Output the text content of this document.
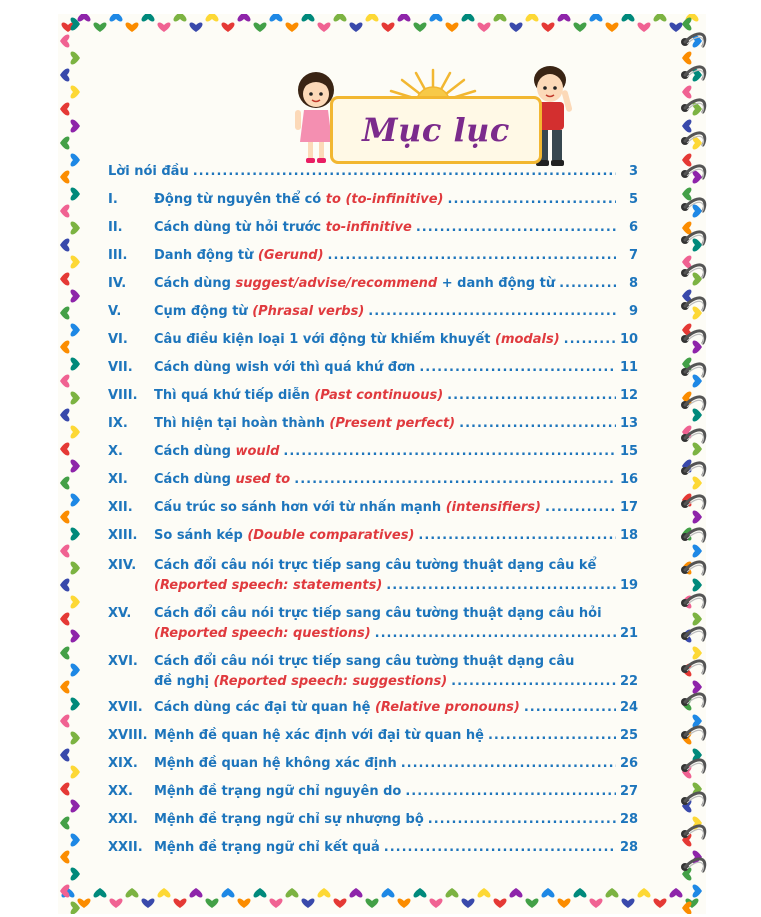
Mục lục
Lời nói đầu .....	3
I.	Động từ nguyên thể có to (to-infinitive) .....	5
II.	Cách dùng từ hỏi trước to-infinitive .....	6
III.	Danh động từ (Gerund) .....	7
IV.	Cách dùng suggest/advise/recommend + danh động từ .....	8
V.	Cụm động từ (Phrasal verbs) .....	9
VI.	Câu điều kiện loại 1 với động từ khiếm khuyết (modals) .....	10
VII.	Cách dùng wish với thì quá khứ đơn .....	11
VIII.	Thì quá khứ tiếp diễn (Past continuous) .....	12
IX.	Thì hiện tại hoàn thành (Present perfect) .....	13
X.	Cách dùng would .....	15
XI.	Cách dùng used to .....	16
XII.	Cấu trúc so sánh hơn với từ nhấn mạnh (intensifiers) .....	17
XIII.	So sánh kép (Double comparatives) .....	18
XIV.	Cách đổi câu nói trực tiếp sang câu tường thuật dạng câu kể
(Reported speech: statements) .....	19
XV.	Cách đổi câu nói trực tiếp sang câu tường thuật dạng câu hỏi
(Reported speech: questions) .....	21
XVI.	Cách đổi câu nói trực tiếp sang câu tường thuật dạng câu
đề nghị (Reported speech: suggestions) .....	22
XVII. Cách dùng các đại từ quan hệ (Relative pronouns) .....	24
XVIII. Mệnh đề quan hệ xác định với đại từ quan hệ .....	25
XIX.	Mệnh đề quan hệ không xác định .....	26
XX.	Mệnh đề trạng ngữ chỉ nguyên do .....	27
XXI.	Mệnh đề trạng ngữ chỉ sự nhượng bộ .....	28
XXII. Mệnh đề trạng ngữ chỉ kết quả .....	28
